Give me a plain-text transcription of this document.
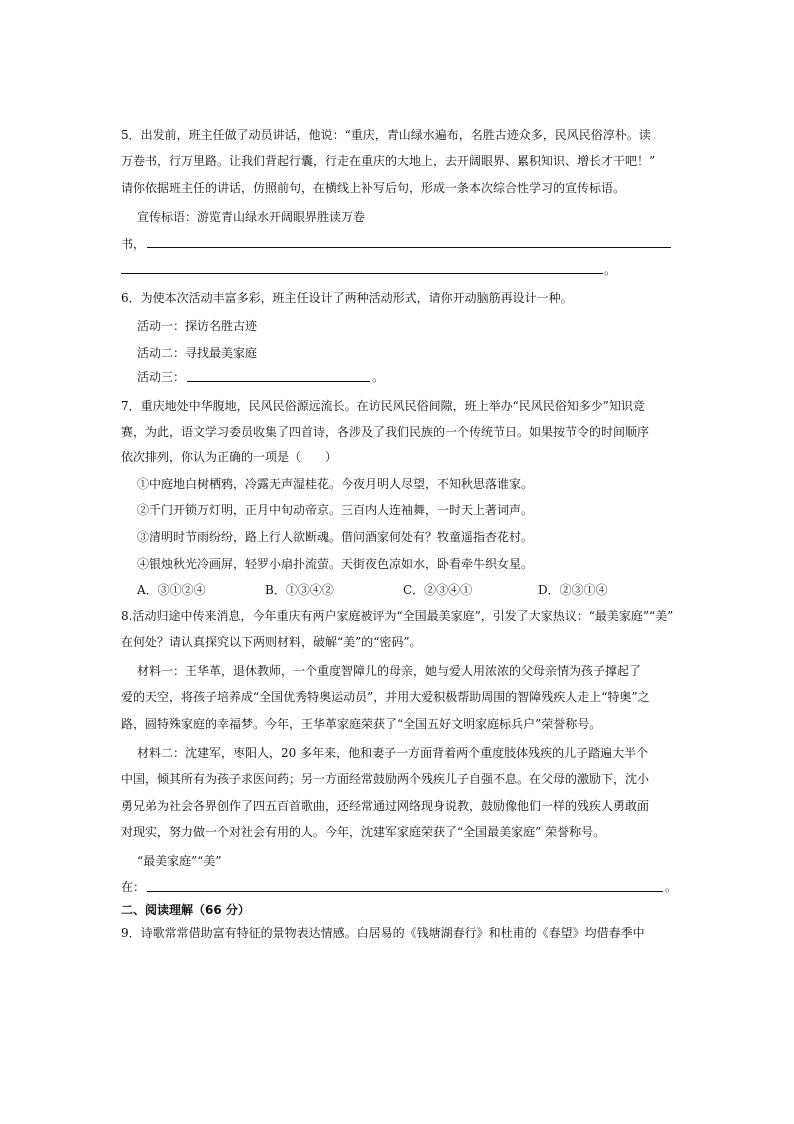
5．出发前，班主任做了动员讲话，他说：“重庆，青山绿水遍布，名胜古迹众多，民风民俗淳朴。读
万卷书，行万里路。让我们背起行囊，行走在重庆的大地上，去开阔眼界、累积知识、增长才干吧！”
请你依据班主任的讲话，仿照前句，在横线上补写后句，形成一条本次综合性学习的宣传标语。
宣传标语：游览青山绿水开阔眼界胜读万卷
书，
。
6．为使本次活动丰富多彩，班主任设计了两种活动形式，请你开动脑筋再设计一种。
活动一：探访名胜古迹
活动二：寻找最美家庭
活动三：	。
7．重庆地处中华腹地，民风民俗源远流长。在访民风民俗间隙，班上举办“民风民俗知多少”知识竞
赛，为此，语文学习委员收集了四首诗，各涉及了我们民族的一个传统节日。如果按节令的时间顺序
依次排列，你认为正确的一项是（　　）
①中庭地白树栖鸦，冷露无声湿桂花。今夜月明人尽望，不知秋思落谁家。
②千门开锁万灯明，正月中旬动帝京。三百内人连袖舞，一时天上著词声。
③清明时节雨纷纷，路上行人欲断魂。借问酒家何处有？牧童遥指杏花村。
④银烛秋光冷画屏，轻罗小扇扑流萤。天街夜色凉如水，卧看牵牛织女星。
A．③①②④	B．①③④②	C．②③④①	D．②③①④
8.活动归途中传来消息，今年重庆有两户家庭被评为“全国最美家庭”，引发了大家热议：“最美家庭”“美”
在何处？请认真探究以下两则材料，破解“美”的“密码”。
材料一：王华革，退休教师，一个重度智障儿的母亲，她与爱人用浓浓的父母亲情为孩子撑起了
爱的天空，将孩子培养成“全国优秀特奥运动员”，并用大爱积极帮助周围的智障残疾人走上“特奥”之
路，圆特殊家庭的幸福梦。今年，王华革家庭荣获了“全国五好文明家庭标兵户”荣誉称号。
材料二：沈建军，枣阳人，20 多年来，他和妻子一方面背着两个重度肢体残疾的儿子踏遍大半个
中国，倾其所有为孩子求医问药；另一方面经常鼓励两个残疾儿子自强不息。在父母的激励下，沈小
勇兄弟为社会各界创作了四五百首歌曲，还经常通过网络现身说教，鼓励像他们一样的残疾人勇敢面
对现实，努力做一个对社会有用的人。今年，沈建军家庭荣获了“全国最美家庭” 荣誉称号。
“最美家庭”“美”
在：	。
二、阅读理解（66 分）
9．诗歌常常借助富有特征的景物表达情感。白居易的《钱塘湖春行》和杜甫的《春望》均借春季中
